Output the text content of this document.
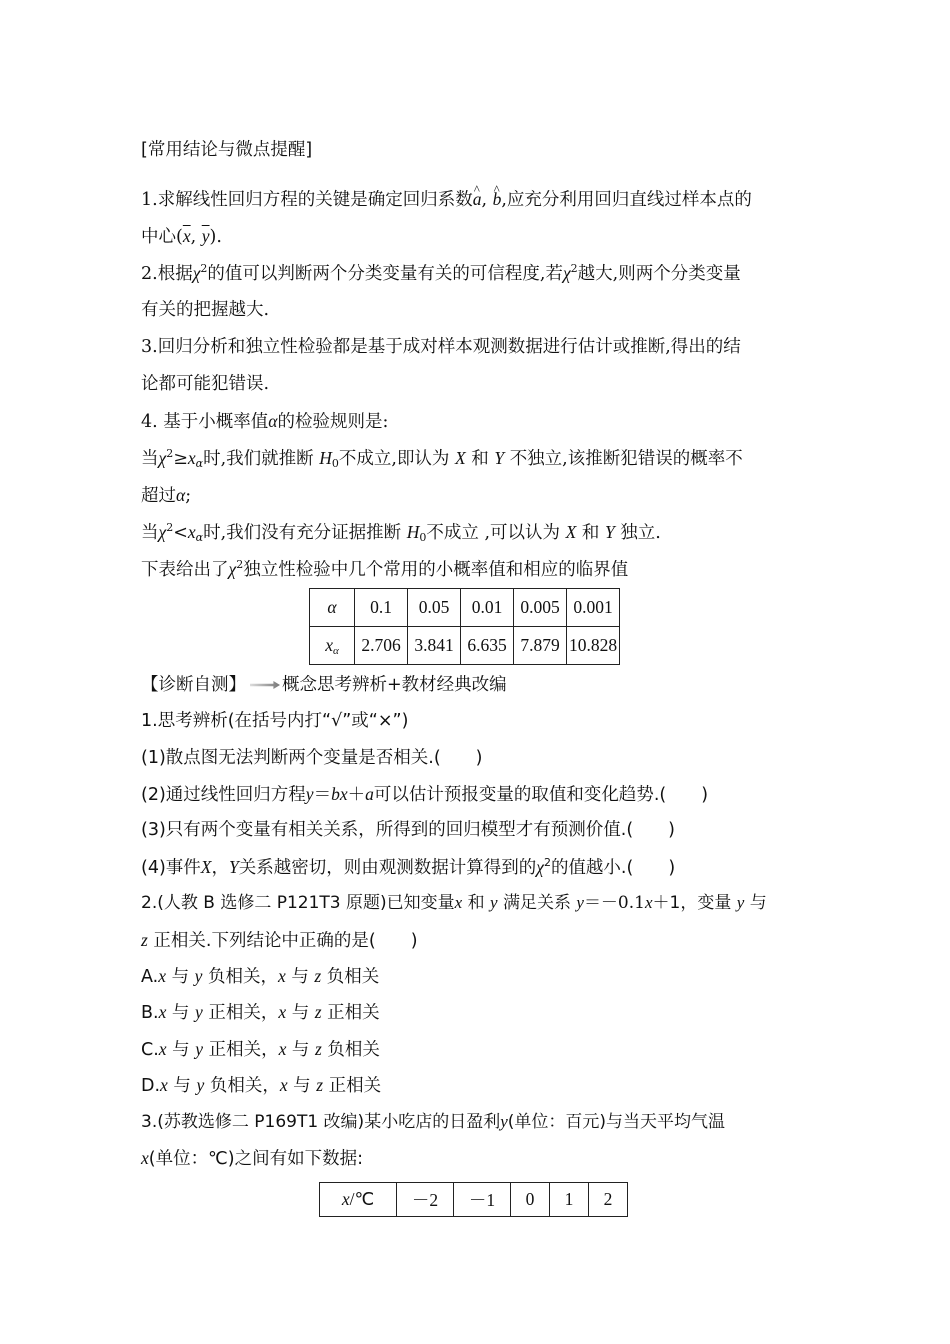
[常用结论与微点提醒]
1.求解线性回归方程的关键是确定回归系数^ a, ^ b,应充分利用回归直线过样本点的
中心($\overline{x}$, $\overline{y}$).
2.根据$\chi^2$的值可以判断两个分类变量有关的可信程度,若$\chi^2$越大,则两个分类变量
有关的把握越大.
3.回归分析和独立性检验都是基于成对样本观测数据进行估计或推断,得出的结
论都可能犯错误.
4. 基于小概率值α的检验规则是:
当$\chi^2\ge x_\alpha$时,我们就推断 $H_0$不成立,即认为 X 和 Y 不独立,该推断犯错误的概率不
超过α;
当$\chi^2<x_\alpha$时,我们没有充分证据推断 $H_0$不成立 ,可以认为 X 和 Y 独立.
下表给出了$\chi^2$独立性检验中几个常用的小概率值和相应的临界值
α	0.1	0.05	0.01	0.005	0.001
$x_\alpha$	2.706	3.841	6.635	7.879	10.828
【诊断自测】 概念思考辨析+教材经典改编
1.思考辨析(在括号内打“√”或“×”)
(1)散点图无法判断两个变量是否相关.(　　)
(2)通过线性回归方程y＝bx＋a可以估计预报变量的取值和变化趋势.(　　)
(3)只有两个变量有相关关系，所得到的回归模型才有预测价值.(　　)
(4)事件X，Y关系越密切，则由观测数据计算得到的$\chi^2$的值越小.(　　)
2.(人教 B 选修二 P121T3 原题)已知变量x 和 y 满足关系 y＝－0.1x＋1，变量 y 与
z 正相关.下列结论中正确的是(　　)
A.x 与 y 负相关，x 与 z 负相关
B.x 与 y 正相关，x 与 z 正相关
C.x 与 y 正相关，x 与 z 负相关
D.x 与 y 负相关，x 与 z 正相关
3.(苏教选修二 P169T1 改编)某小吃店的日盈利y(单位：百元)与当天平均气温
x(单位：℃)之间有如下数据:
x/℃	－2	－1	0	1	2
